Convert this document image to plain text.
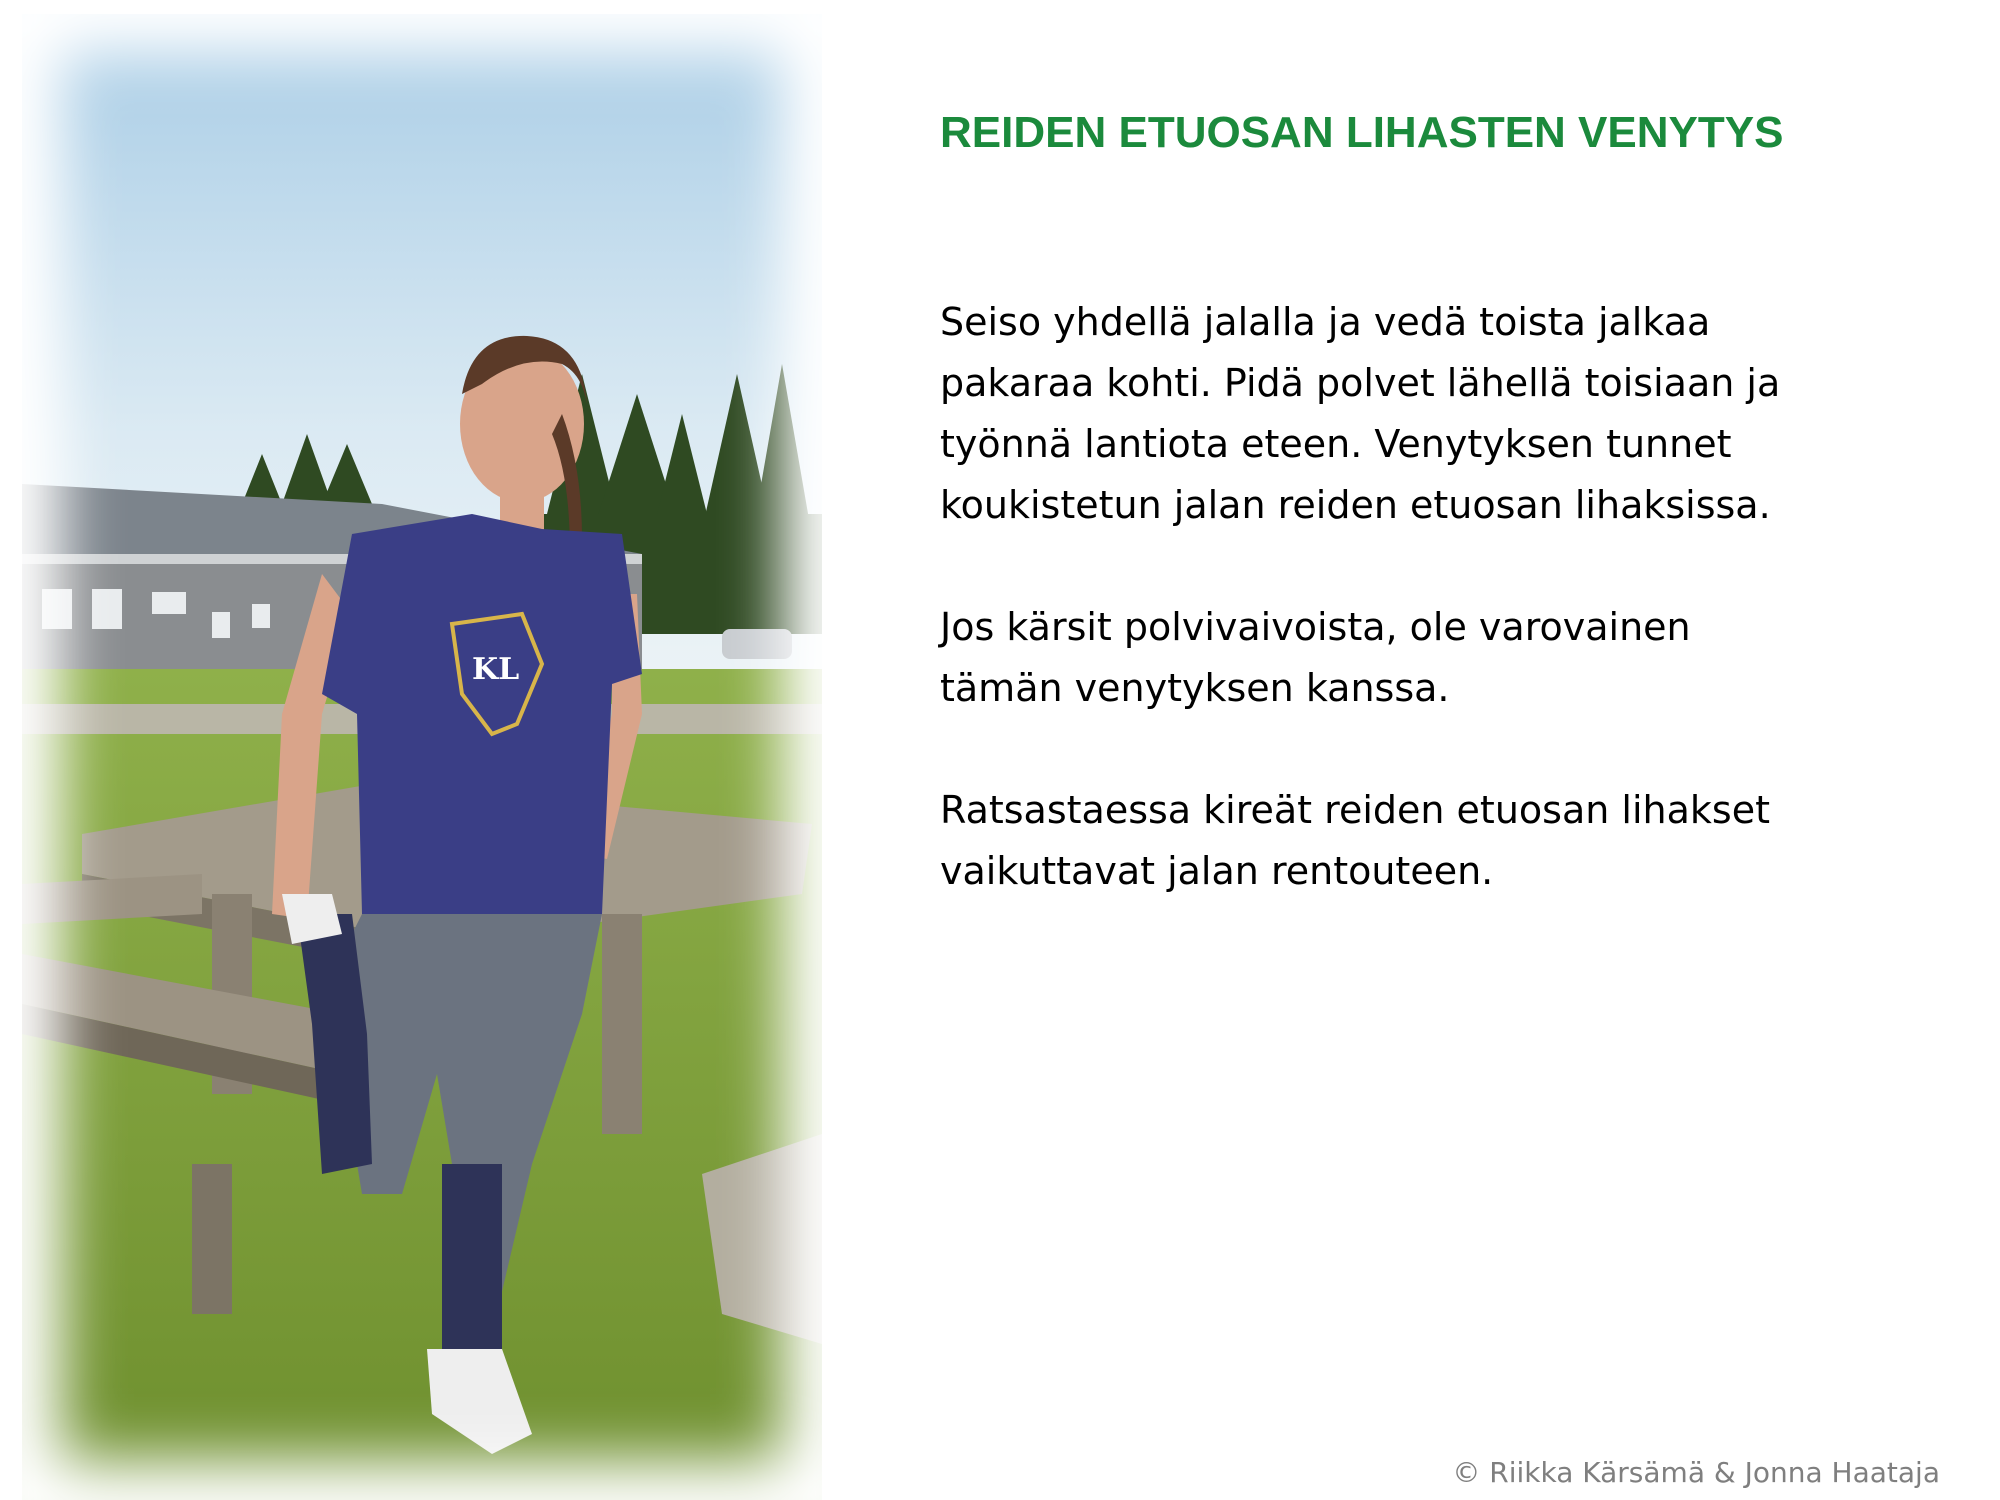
KL
REIDEN ETUOSAN LIHASTEN VENYTYS

Seiso yhdellä jalalla ja vedä toista jalkaa
pakaraa kohti. Pidä polvet lähellä toisiaan ja
työnnä lantiota eteen. Venytyksen tunnet
koukistetun jalan reiden etuosan lihaksissa.

Jos kärsit polvivaivoista, ole varovainen
tämän venytyksen kanssa.

Ratsastaessa kireät reiden etuosan lihakset
vaikuttavat jalan rentouteen.

© Riikka Kärsämä & Jonna Haataja
